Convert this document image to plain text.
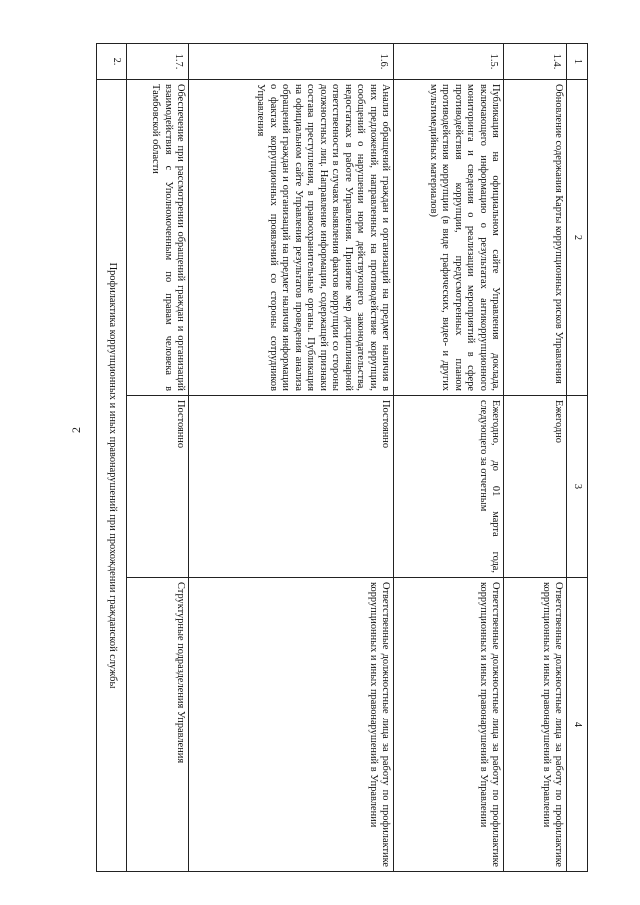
2
1	2	3	4
1.4.	Обновление содержания Карты коррупционных рисков Управления	Ежегодно	Ответственные должностные лица за работу по профилактике коррупционных и иных правонарушений в Управлении
1.5.	Публикация на официальном сайте Управления доклада, включающего информацию о результатах антикоррупционного мониторинга и сведения о реализации мероприятий в сфере противодействия коррупции, предусмотренных планом противодействия коррупции (в виде графических, видео- и других мультимедийных материалов)	Ежегодно, до 01 марта года, следующего за отчетным	Ответственные должностные лица за работу по профилактике коррупционных и иных правонарушений в Управлении
1.6.	Анализ обращений граждан и организаций на предмет наличия в них предложений, направленных на противодействие коррупции, сообщений о нарушении норм действующего законодательства, недостатках в работе Управления. Принятие мер дисциплинарной ответственности в случаях выявления фактов коррупции со стороны должностных лиц. Направление информации, содержащей признаки состава преступления, в правоохранительные органы. Публикация на официальном сайте Управления результатов проведения анализа обращений граждан и организаций на предмет наличия информации о фактах коррупционных проявлений со стороны сотрудников Управления	Постоянно	Ответственные должностные лица за работу по профилактике коррупционных и иных правонарушений в Управлении
1.7.	Обеспечение при рассмотрении обращений граждан и организаций взаимодействия с Уполномоченным по правам человека в Тамбовской области	Постоянно	Структурные подразделения Управления
2.	Профилактика коррупционных и иных правонарушений при прохождении гражданской службы		
